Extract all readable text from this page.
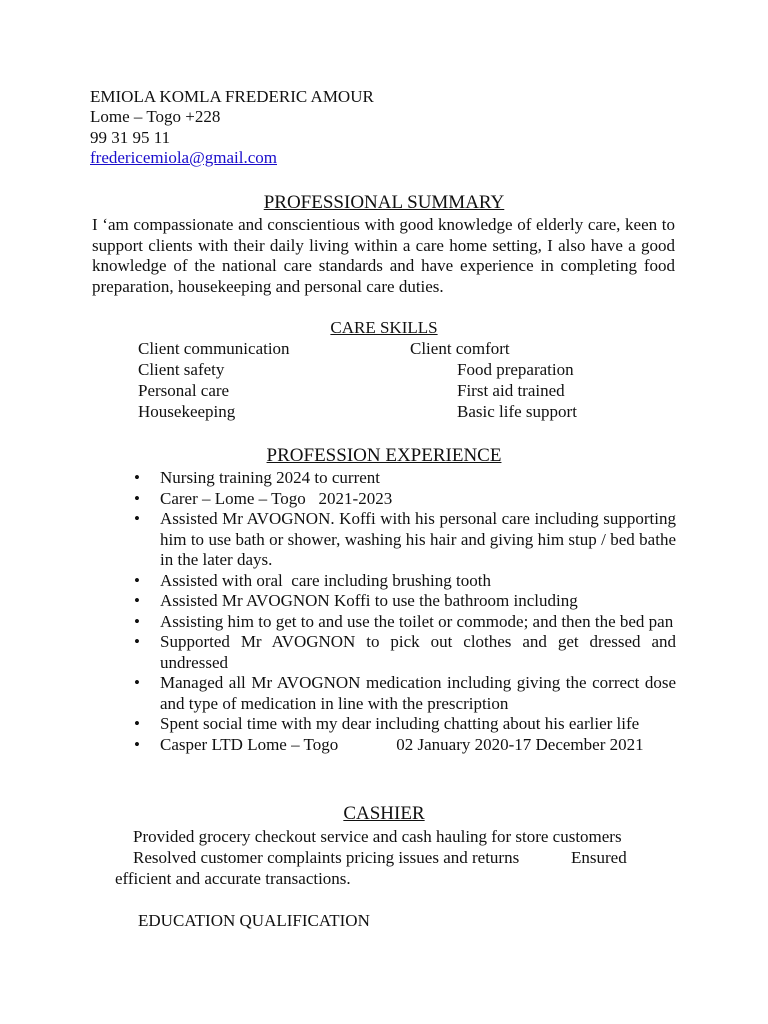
EMIOLA KOMLA FREDERIC AMOUR
Lome – Togo +228
99 31 95 11
fredericemiola@gmail.com
PROFESSIONAL SUMMARY

I ‘am compassionate and conscientious with good knowledge of elderly care, keen to support clients with their daily living within a care home setting, I also have a good knowledge of the national care standards and have experience in completing food preparation, housekeeping and personal care duties.

CARE SKILLS
Client communication	Client comfort
Client safety	Food preparation
Personal care	First aid trained
Housekeeping	Basic life support
PROFESSION EXPERIENCE
• Nursing training 2024 to current
• Carer – Lome – Togo   2021-2023
• Assisted Mr AVOGNON. Koffi with his personal care including supporting him to use bath or shower, washing his hair and giving him stup / bed bathe in the later days.
• Assisted with oral  care including brushing tooth
• Assisted Mr AVOGNON Koffi to use the bathroom including
• Assisting him to get to and use the toilet or commode; and then the bed pan
• Supported Mr AVOGNON to pick out clothes and get dressed and undressed
• Managed all Mr AVOGNON medication including giving the correct dose and type of medication in line with the prescription
• Spent social time with my dear including chatting about his earlier life
• Casper LTD Lome – Togo	02 January 2020-17 December 2021
CASHIER
Provided grocery checkout service and cash hauling for store customers
Resolved customer complaints pricing issues and returns	Ensured
efficient and accurate transactions.
EDUCATION QUALIFICATION
